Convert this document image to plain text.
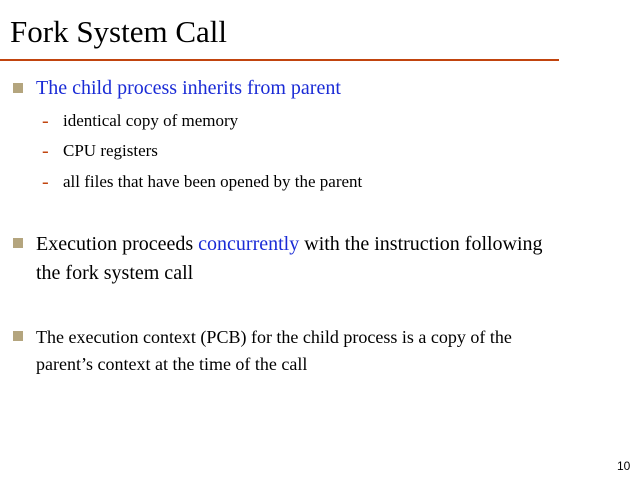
Fork System Call
The child process inherits from parent
- identical copy of memory
- CPU registers
- all files that have been opened by the parent
Execution proceeds concurrently with the instruction following
the fork system call
The execution context (PCB) for the child process is a copy of the
parent’s context at the time of the call
10
